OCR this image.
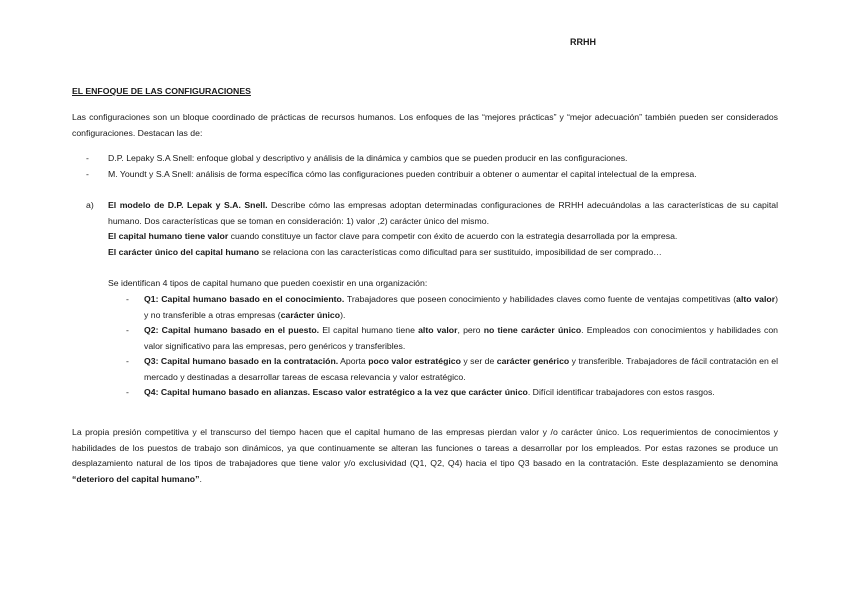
RRHH
EL ENFOQUE DE LAS CONFIGURACIONES

Las configuraciones son un bloque coordinado de prácticas de recursos humanos. Los enfoques de las “mejores prácticas” y “mejor adecuación” también pueden ser considerados configuraciones. Destacan las de:

- D.P. Lepaky S.A Snell: enfoque global y descriptivo y análisis de la dinámica y cambios que se pueden producir en las configuraciones.
- M. Youndt y S.A Snell: análisis de forma específica cómo las configuraciones pueden contribuir a obtener o aumentar el capital intelectual de la empresa.
a) El modelo de D.P. Lepak y S.A. Snell. Describe cómo las empresas adoptan determinadas configuraciones de RRHH adecuándolas a las características de su capital humano. Dos características que se toman en consideración: 1) valor ,2) carácter único del mismo.
El capital humano tiene valor cuando constituye un factor clave para competir con éxito de acuerdo con la estrategia desarrollada por la empresa.
El carácter único del capital humano se relaciona con las características como dificultad para ser sustituido, imposibilidad de ser comprado…
Se identifican 4 tipos de capital humano que pueden coexistir en una organización:
- Q1: Capital humano basado en el conocimiento. Trabajadores que poseen conocimiento y habilidades claves como fuente de ventajas competitivas (alto valor) y no transferible a otras empresas (carácter único).
- Q2: Capital humano basado en el puesto. El capital humano tiene alto valor, pero no tiene carácter único. Empleados con conocimientos y habilidades con valor significativo para las empresas, pero genéricos y transferibles.
- Q3: Capital humano basado en la contratación. Aporta poco valor estratégico y ser de carácter genérico y transferible. Trabajadores de fácil contratación en el mercado y destinadas a desarrollar tareas de escasa relevancia y valor estratégico.
- Q4: Capital humano basado en alianzas. Escaso valor estratégico a la vez que carácter único. Difícil identificar trabajadores con estos rasgos.

La propia presión competitiva y el transcurso del tiempo hacen que el capital humano de las empresas pierdan valor y /o carácter único. Los requerimientos de conocimientos y habilidades de los puestos de trabajo son dinámicos, ya que continuamente se alteran las funciones o tareas a desarrollar por los empleados. Por estas razones se produce un desplazamiento natural de los tipos de trabajadores que tiene valor y/o exclusividad (Q1, Q2, Q4) hacia el tipo Q3 basado en la contratación. Este desplazamiento se denomina “deterioro del capital humano”.
